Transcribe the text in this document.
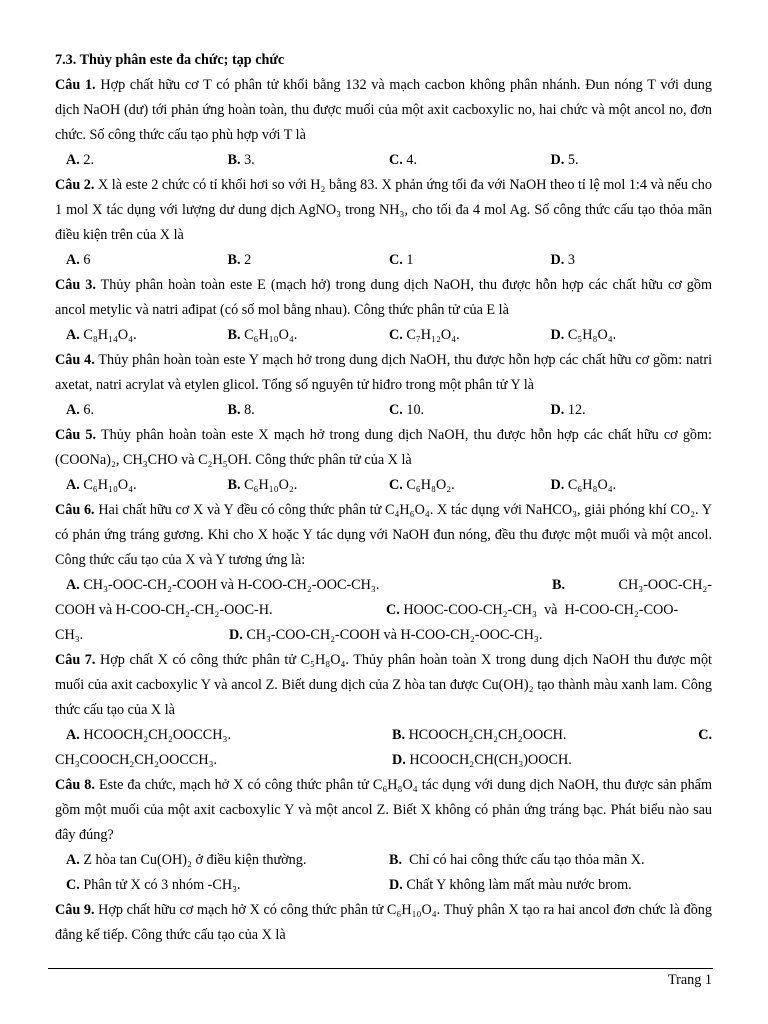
7.3. Thủy phân este đa chức; tạp chức

Câu 1. Hợp chất hữu cơ T có phân tử khối bằng 132 và mạch cacbon không phân nhánh. Đun nóng T với dung dịch NaOH (dư) tới phản ứng hoàn toàn, thu được muối của một axit cacboxylic no, hai chức và một ancol no, đơn chức. Số công thức cấu tạo phù hợp với T là

A. 2.	B. 3.	C. 4.	D. 5.

Câu 2. X là este 2 chức có tỉ khối hơi so với H₂ bằng 83. X phản ứng tối đa với NaOH theo tỉ lệ mol 1:4 và nếu cho 1 mol X tác dụng với lượng dư dung dịch AgNO₃ trong NH₃, cho tối đa 4 mol Ag. Số công thức cấu tạo thỏa mãn điều kiện trên của X là

A. 6	B. 2	C. 1	D. 3

Câu 3. Thủy phân hoàn toàn este E (mạch hở) trong dung dịch NaOH, thu được hỗn hợp các chất hữu cơ gồm ancol metylic và natri ađipat (có số mol bằng nhau). Công thức phân tử của E là

A. C₈H₁₄O₄.	B. C₆H₁₀O₄.	C. C₇H₁₂O₄.	D. C₅H₈O₄.

Câu 4. Thủy phân hoàn toàn este Y mạch hở trong dung dịch NaOH, thu được hỗn hợp các chất hữu cơ gồm: natri axetat, natri acrylat và etylen glicol. Tổng số nguyên tử hiđro trong một phân tử Y là

A. 6.	B. 8.	C. 10.	D. 12.

Câu 5. Thủy phân hoàn toàn este X mạch hở trong dung dịch NaOH, thu được hỗn hợp các chất hữu cơ gồm: (COONa)₂, CH₃CHO và C₂H₅OH. Công thức phân tử của X là

A. C₆H₁₀O₄.	B. C₆H₁₀O₂.	C. C₆H₈O₂.	D. C₆H₈O₄.

Câu 6. Hai chất hữu cơ X và Y đều có công thức phân tử C₄H₆O₄. X tác dụng với NaHCO₃, giải phóng khí CO₂. Y có phản ứng tráng gương. Khi cho X hoặc Y tác dụng với NaOH đun nóng, đều thu được một muối và một ancol. Công thức cấu tạo của X và Y tương ứng là:

A. CH₃-OOC-CH₂-COOH và H-COO-CH₂-OOC-CH₃.	B.	CH₃-OOC-CH₂-
COOH và H-COO-CH₂-CH₂-OOC-H.	C. HOOC-COO-CH₂-CH₃  và  H-COO-CH₂-COO-
CH₃.	D. CH₃-COO-CH₂-COOH và H-COO-CH₂-OOC-CH₃.

Câu 7. Hợp chất X có công thức phân tử C₅H₈O₄. Thủy phân hoàn toàn X trong dung dịch NaOH thu được một muối của axit cacboxylic Y và ancol Z. Biết dung dịch của Z hòa tan được Cu(OH)₂ tạo thành màu xanh lam. Công thức cấu tạo của X là

A. HCOOCH₂CH₂OOCCH₃.	B. HCOOCH₂CH₂CH₂OOCH.	C.
CH₃COOCH₂CH₂OOCCH₃.	D. HCOOCH₂CH(CH₃)OOCH.

Câu 8. Este đa chức, mạch hở X có công thức phân tử C₆H₈O₄ tác dụng với dung dịch NaOH, thu được sản phẩm gồm một muối của một axit cacboxylic Y và một ancol Z. Biết X không có phản ứng tráng bạc. Phát biểu nào sau đây đúng?

A. Z hòa tan Cu(OH)₂ ở điều kiện thường.	B.  Chỉ có hai công thức cấu tạo thỏa mãn X.
C. Phân tử X có 3 nhóm -CH₃.	D. Chất Y không làm mất màu nước brom.

Câu 9. Hợp chất hữu cơ mạch hở X có công thức phân tử C₆H₁₀O₄. Thuỷ phân X tạo ra hai ancol đơn chức là đồng đẳng kế tiếp. Công thức cấu tạo của X là

Trang 1
